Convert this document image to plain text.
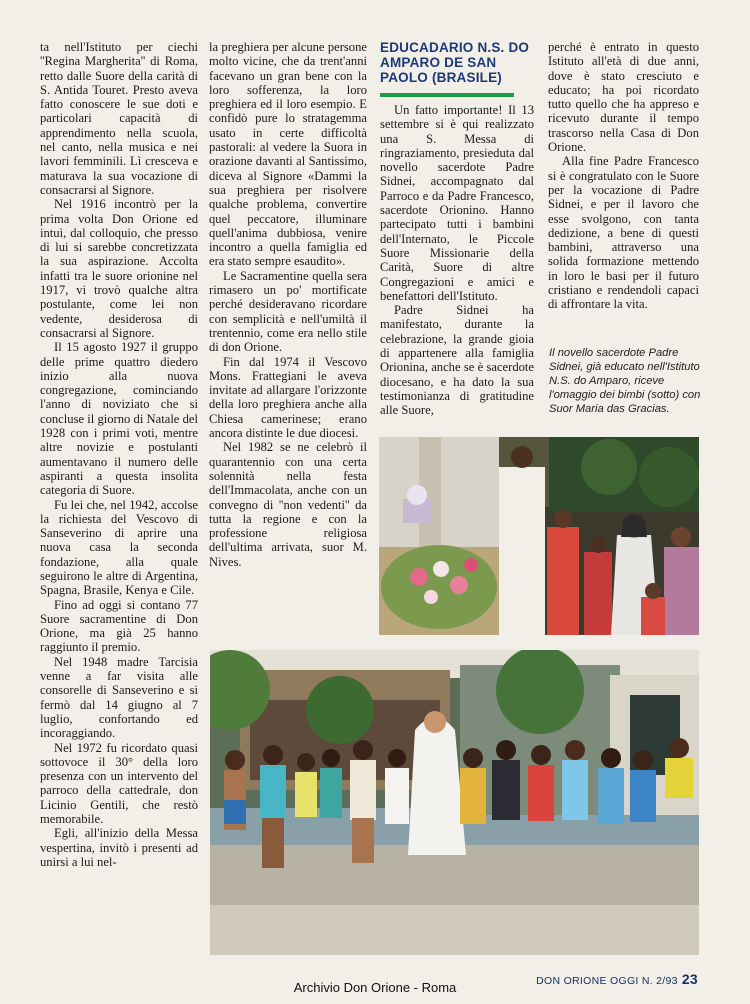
ta nell'Istituto per ciechi ''Regina Margherita'' di Roma, retto dalle Suore della carità di S. Antida Touret. Presto aveva fatto conoscere le sue doti e particolari capacità di apprendimento nella scuola, nel canto, nella musica e nei lavori femminili. Lì cresceva e maturava la sua vocazione di consacrarsi al Signore.

Nel 1916 incontrò per la prima volta Don Orione ed intuì, dal colloquio, che presso di lui si sarebbe concretizzata la sua aspirazione. Accolta infatti tra le suore orionine nel 1917, vi trovò qualche altra postulante, come lei non vedente, desiderosa di consacrarsi al Signore.

Il 15 agosto 1927 il gruppo delle prime quattro diedero inizio alla nuova congregazione, cominciando l'anno di noviziato che si concluse il giorno di Natale del 1928 con i primi voti, mentre altre novizie e postulanti aumentavano il numero delle aspiranti a questa insolita categoria di Suore.

Fu lei che, nel 1942, accolse la richiesta del Vescovo di Sanseverino di aprire una nuova casa la seconda fondazione, alla quale seguirono le altre di Argentina, Spagna, Brasile, Kenya e Cile.

Fino ad oggi si contano 77 Suore sacramentine di Don Orione, ma già 25 hanno raggiunto il premio.

Nel 1948 madre Tarcisia venne a far visita alle consorelle di Sanseverino e si fermò dal 14 giugno al 7 luglio, confortando ed incoraggiando.

Nel 1972 fu ricordato quasi sottovoce il 30° della loro presenza con un intervento del parroco della cattedrale, don Licinio Gentili, che restò memorabile.

Egli, all'inizio della Messa vespertina, invitò i presenti ad unirsi a lui nel-

la preghiera per alcune persone molto vicine, che da trent'anni facevano un gran bene con la loro sofferenza, la loro preghiera ed il loro esempio. E confidò pure lo stratagemma usato in certe difficoltà pastorali: al vedere la Suora in orazione davanti al Santissimo, diceva al Signore «Dammi la sua preghiera per risolvere qualche problema, convertire quel peccatore, illuminare quell'anima dubbiosa, venire incontro a quella famiglia ed era stato sempre esaudito».

Le Sacramentine quella sera rimasero un po' mortificate perché desideravano ricordare con semplicità e nell'umiltà il trentennio, come era nello stile di don Orione.

Fin dal 1974 il Vescovo Mons. Frattegiani le aveva invitate ad allargare l'orizzonte della loro preghiera anche alla Chiesa camerinese; erano ancora distinte le due diocesi.

Nel 1982 se ne celebrò il quarantennio con una certa solennità nella festa dell'Immacolata, anche con un convegno di ''non vedenti'' da tutta la regione e con la professione religiosa dell'ultima arrivata, suor M. Nives.

EDUCADARIO N.S. DO AMPARO DE SAN PAOLO (BRASILE)

Un fatto importante! Il 13 settembre si è qui realizzato una S. Messa di ringraziamento, presieduta dal novello sacerdote Padre Sidnei, accompagnato dal Parroco e da Padre Francesco, sacerdote Orionino. Hanno partecipato tutti i bambini dell'Internato, le Piccole Suore Missionarie della Carità, Suore di altre Congregazioni e amici e benefattori dell'Istituto.

Padre Sidnei ha manifestato, durante la celebrazione, la grande gioia di appartenere alla famiglia Orionina, anche se è sacerdote diocesano, e ha dato la sua testimonianza di gratitudine alle Suore,

perché è entrato in questo Istituto all'età di due anni, dove è stato cresciuto e educato; ha poi ricordato tutto quello che ha appreso e ricevuto durante il tempo trascorso nella Casa di Don Orione.

Alla fine Padre Francesco si è congratulato con le Suore per la vocazione di Padre Sidnei, e per il lavoro che esse svolgono, con tanta dedizione, a bene di questi bambini, attraverso una solida formazione mettendo in loro le basi per il futuro cristiano e rendendoli capaci di affrontare la vita.

Il novello sacerdote Padre Sidnei, già educato nell'Istituto N.S. do Amparo, riceve l'omaggio dei bimbi (sotto) con Suor Maria das Gracias.
DON ORIONE OGGI N. 2/93 23
Archivio Don Orione - Roma
